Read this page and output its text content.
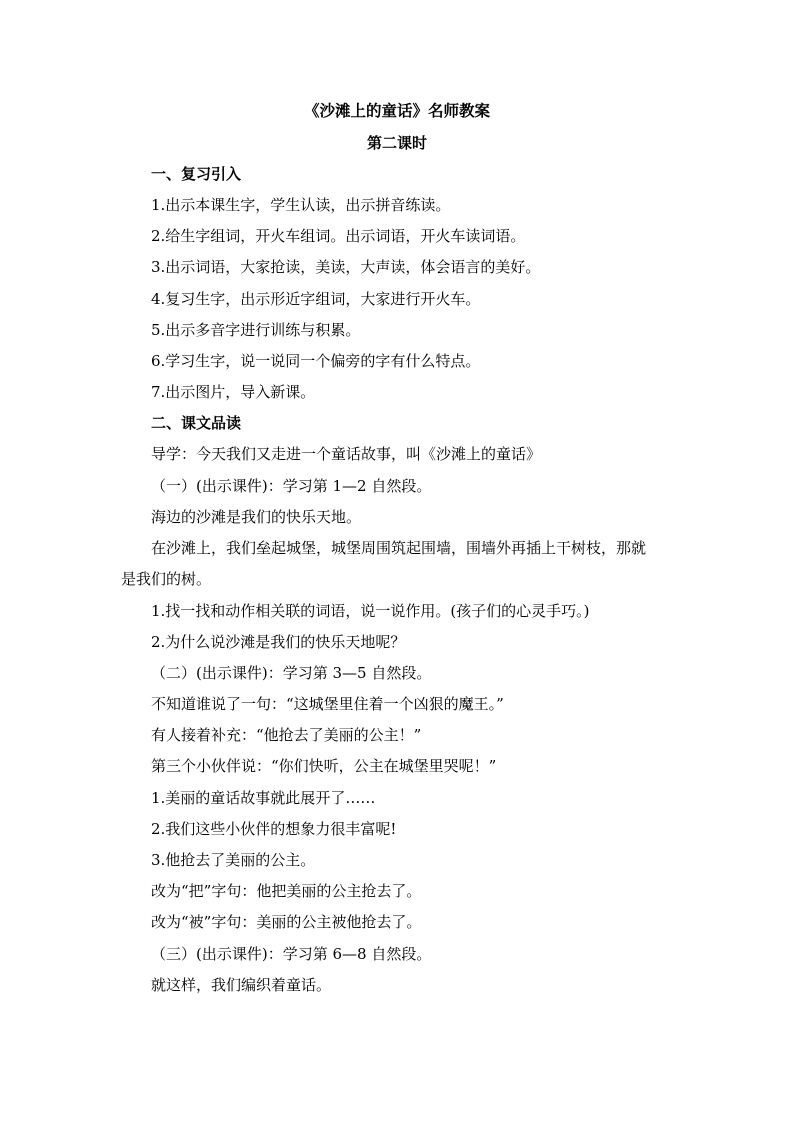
《沙滩上的童话》名师教案
第二课时
一、复习引入
1.出示本课生字，学生认读，出示拼音练读。
2.给生字组词，开火车组词。出示词语，开火车读词语。
3.出示词语，大家抢读，美读，大声读，体会语言的美好。
4.复习生字，出示形近字组词，大家进行开火车。
5.出示多音字进行训练与积累。
6.学习生字，说一说同一个偏旁的字有什么特点。
7.出示图片，导入新课。
二、课文品读
导学：今天我们又走进一个童话故事，叫《沙滩上的童话》
（一）(出示课件)：学习第 1—2 自然段。
海边的沙滩是我们的快乐天地。
在沙滩上，我们垒起城堡，城堡周围筑起围墙，围墙外再插上干树枝，那就
是我们的树。
1.找一找和动作相关联的词语，说一说作用。(孩子们的心灵手巧。)
2.为什么说沙滩是我们的快乐天地呢？
（二）(出示课件)：学习第 3—5 自然段。
不知道谁说了一句：“这城堡里住着一个凶狠的魔王。”
有人接着补充：“他抢去了美丽的公主！”
第三个小伙伴说：“你们快听，公主在城堡里哭呢！”
1.美丽的童话故事就此展开了……
2.我们这些小伙伴的想象力很丰富呢!
3.他抢去了美丽的公主。
改为“把”字句：他把美丽的公主抢去了。
改为“被”字句：美丽的公主被他抢去了。
（三）(出示课件)：学习第 6—8 自然段。
就这样，我们编织着童话。
